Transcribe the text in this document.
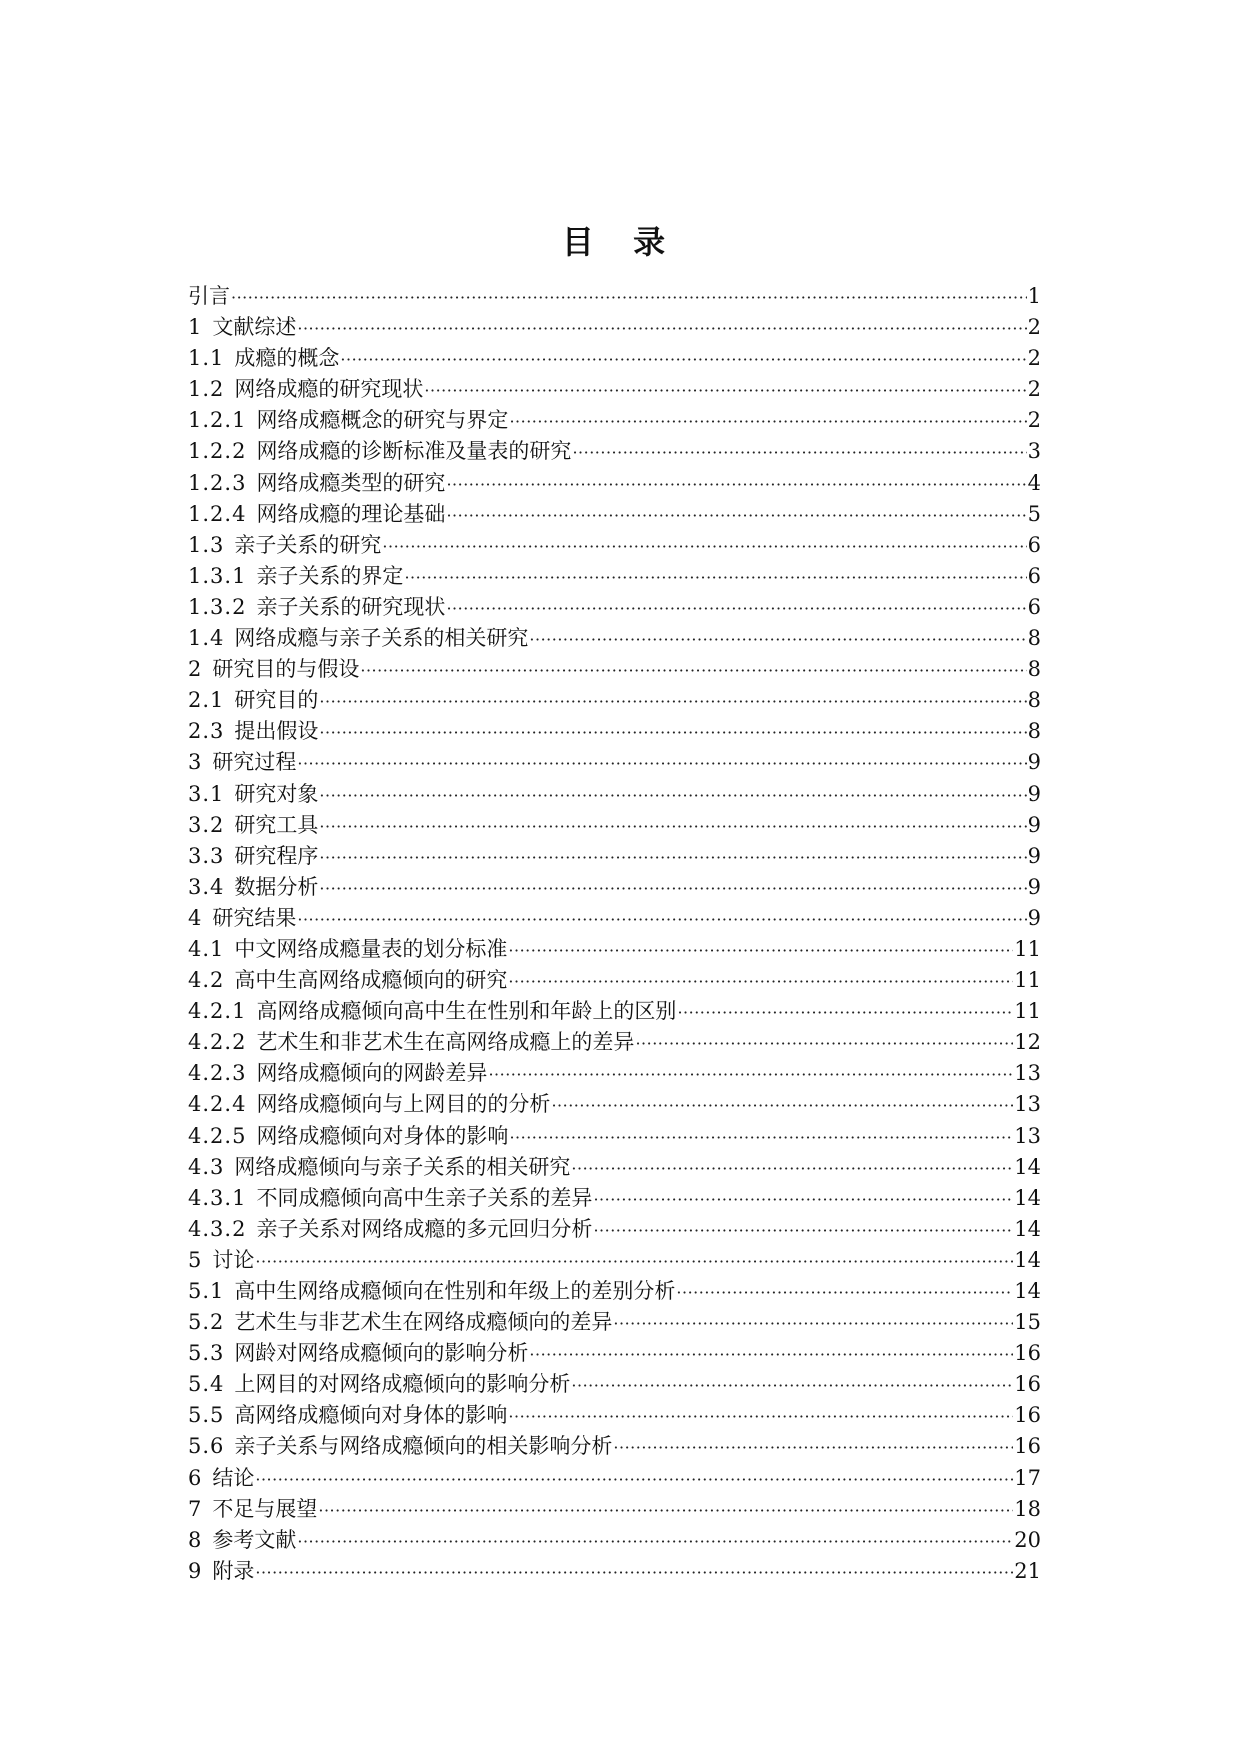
目 录
引言 ·····	1
1 文献综述 ·····	2
1.1 成瘾的概念 ·····	2
1.2 网络成瘾的研究现状 ·····	2
1.2.1 网络成瘾概念的研究与界定 ·····	2
1.2.2 网络成瘾的诊断标准及量表的研究 ·····	3
1.2.3 网络成瘾类型的研究 ·····	4
1.2.4 网络成瘾的理论基础 ·····	5
1.3 亲子关系的研究 ·····	6
1.3.1 亲子关系的界定 ·····	6
1.3.2 亲子关系的研究现状 ·····	6
1.4 网络成瘾与亲子关系的相关研究 ·····	8
2 研究目的与假设 ·····	8
2.1 研究目的 ·····	8
2.3 提出假设 ·····	8
3 研究过程 ·····	9
3.1 研究对象 ·····	9
3.2 研究工具 ·····	9
3.3 研究程序 ·····	9
3.4 数据分析 ·····	9
4 研究结果 ·····	9
4.1 中文网络成瘾量表的划分标准 ·····	11
4.2 高中生高网络成瘾倾向的研究 ·····	11
4.2.1 高网络成瘾倾向高中生在性别和年龄上的区别 ·····	11
4.2.2 艺术生和非艺术生在高网络成瘾上的差异 ·····	12
4.2.3 网络成瘾倾向的网龄差异 ·····	13
4.2.4 网络成瘾倾向与上网目的的分析 ·····	13
4.2.5 网络成瘾倾向对身体的影响 ·····	13
4.3 网络成瘾倾向与亲子关系的相关研究 ·····	14
4.3.1 不同成瘾倾向高中生亲子关系的差异 ·····	14
4.3.2 亲子关系对网络成瘾的多元回归分析 ·····	14
5 讨论 ·····	14
5.1 高中生网络成瘾倾向在性别和年级上的差别分析 ·····	14
5.2 艺术生与非艺术生在网络成瘾倾向的差异 ·····	15
5.3 网龄对网络成瘾倾向的影响分析 ·····	16
5.4 上网目的对网络成瘾倾向的影响分析 ·····	16
5.5 高网络成瘾倾向对身体的影响 ·····	16
5.6 亲子关系与网络成瘾倾向的相关影响分析 ·····	16
6 结论 ·····	17
7 不足与展望 ·····	18
8 参考文献 ·····	20
9 附录 ·····	21
